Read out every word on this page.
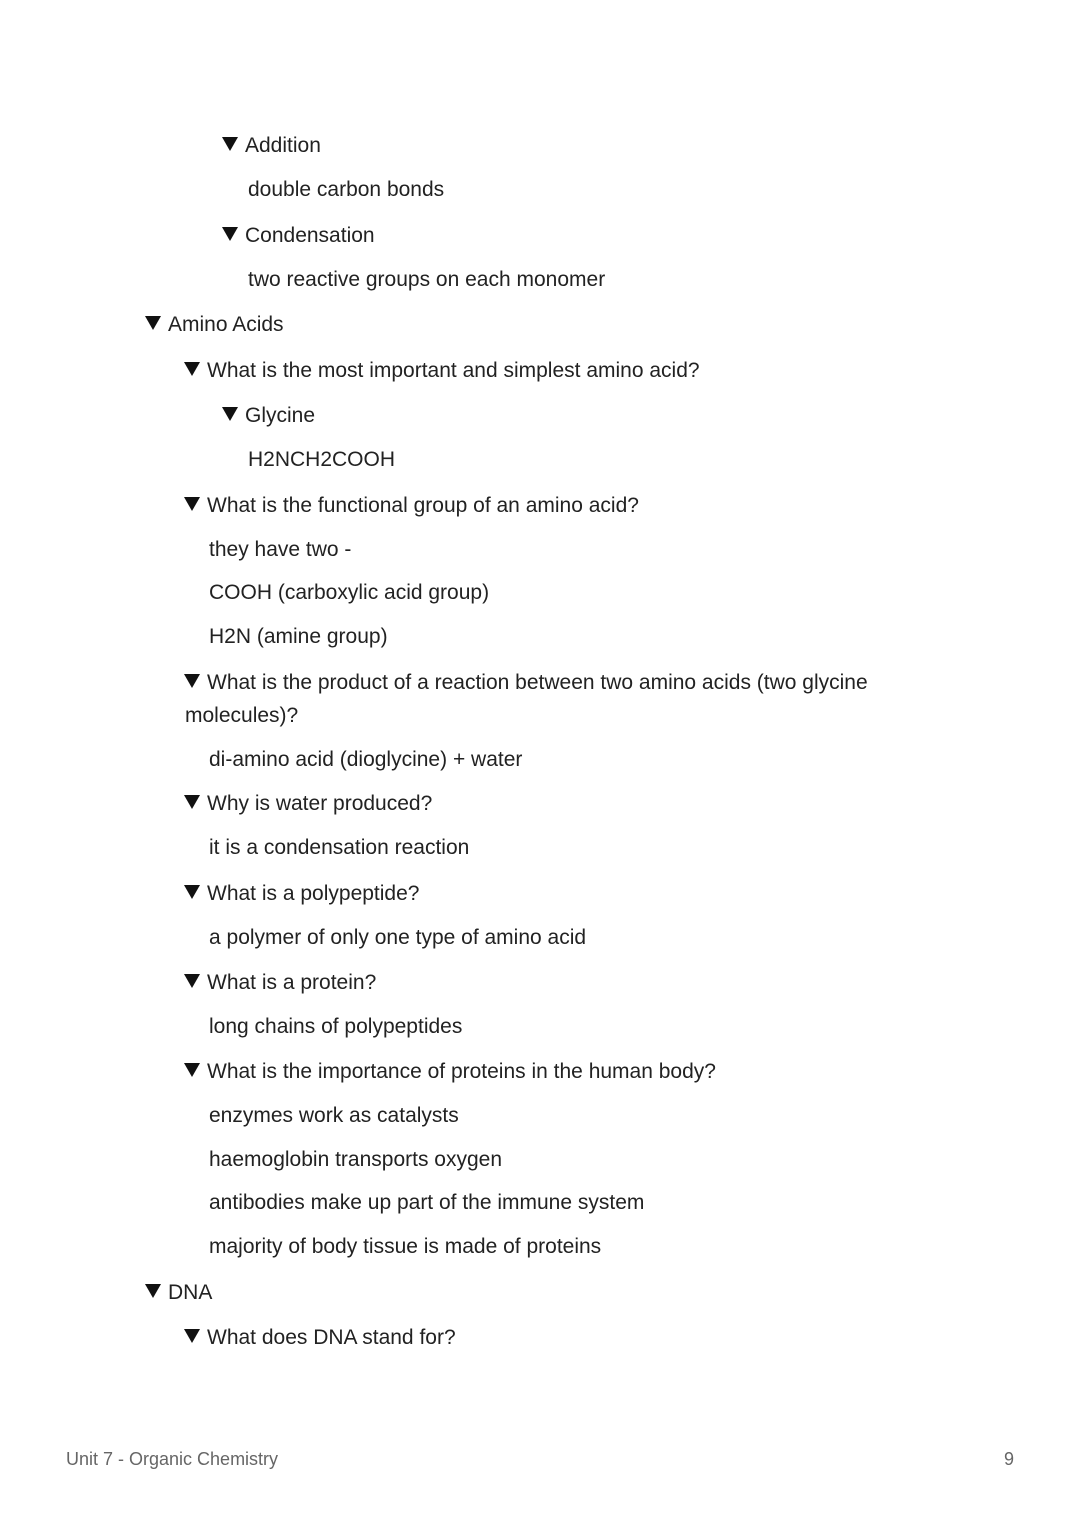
Addition
double carbon bonds
Condensation
two reactive groups on each monomer
Amino Acids
What is the most important and simplest amino acid?
Glycine
H2NCH2COOH
What is the functional group of an amino acid?
they have two -
COOH (carboxylic acid group)
H2N (amine group)
What is the product of a reaction between two amino acids (two glycine
molecules)?
di-amino acid (dioglycine) + water
Why is water produced?
it is a condensation reaction
What is a polypeptide?
a polymer of only one type of amino acid
What is a protein?
long chains of polypeptides
What is the importance of proteins in the human body?
enzymes work as catalysts
haemoglobin transports oxygen
antibodies make up part of the immune system
majority of body tissue is made of proteins
DNA
What does DNA stand for?
Unit 7 - Organic Chemistry	9
